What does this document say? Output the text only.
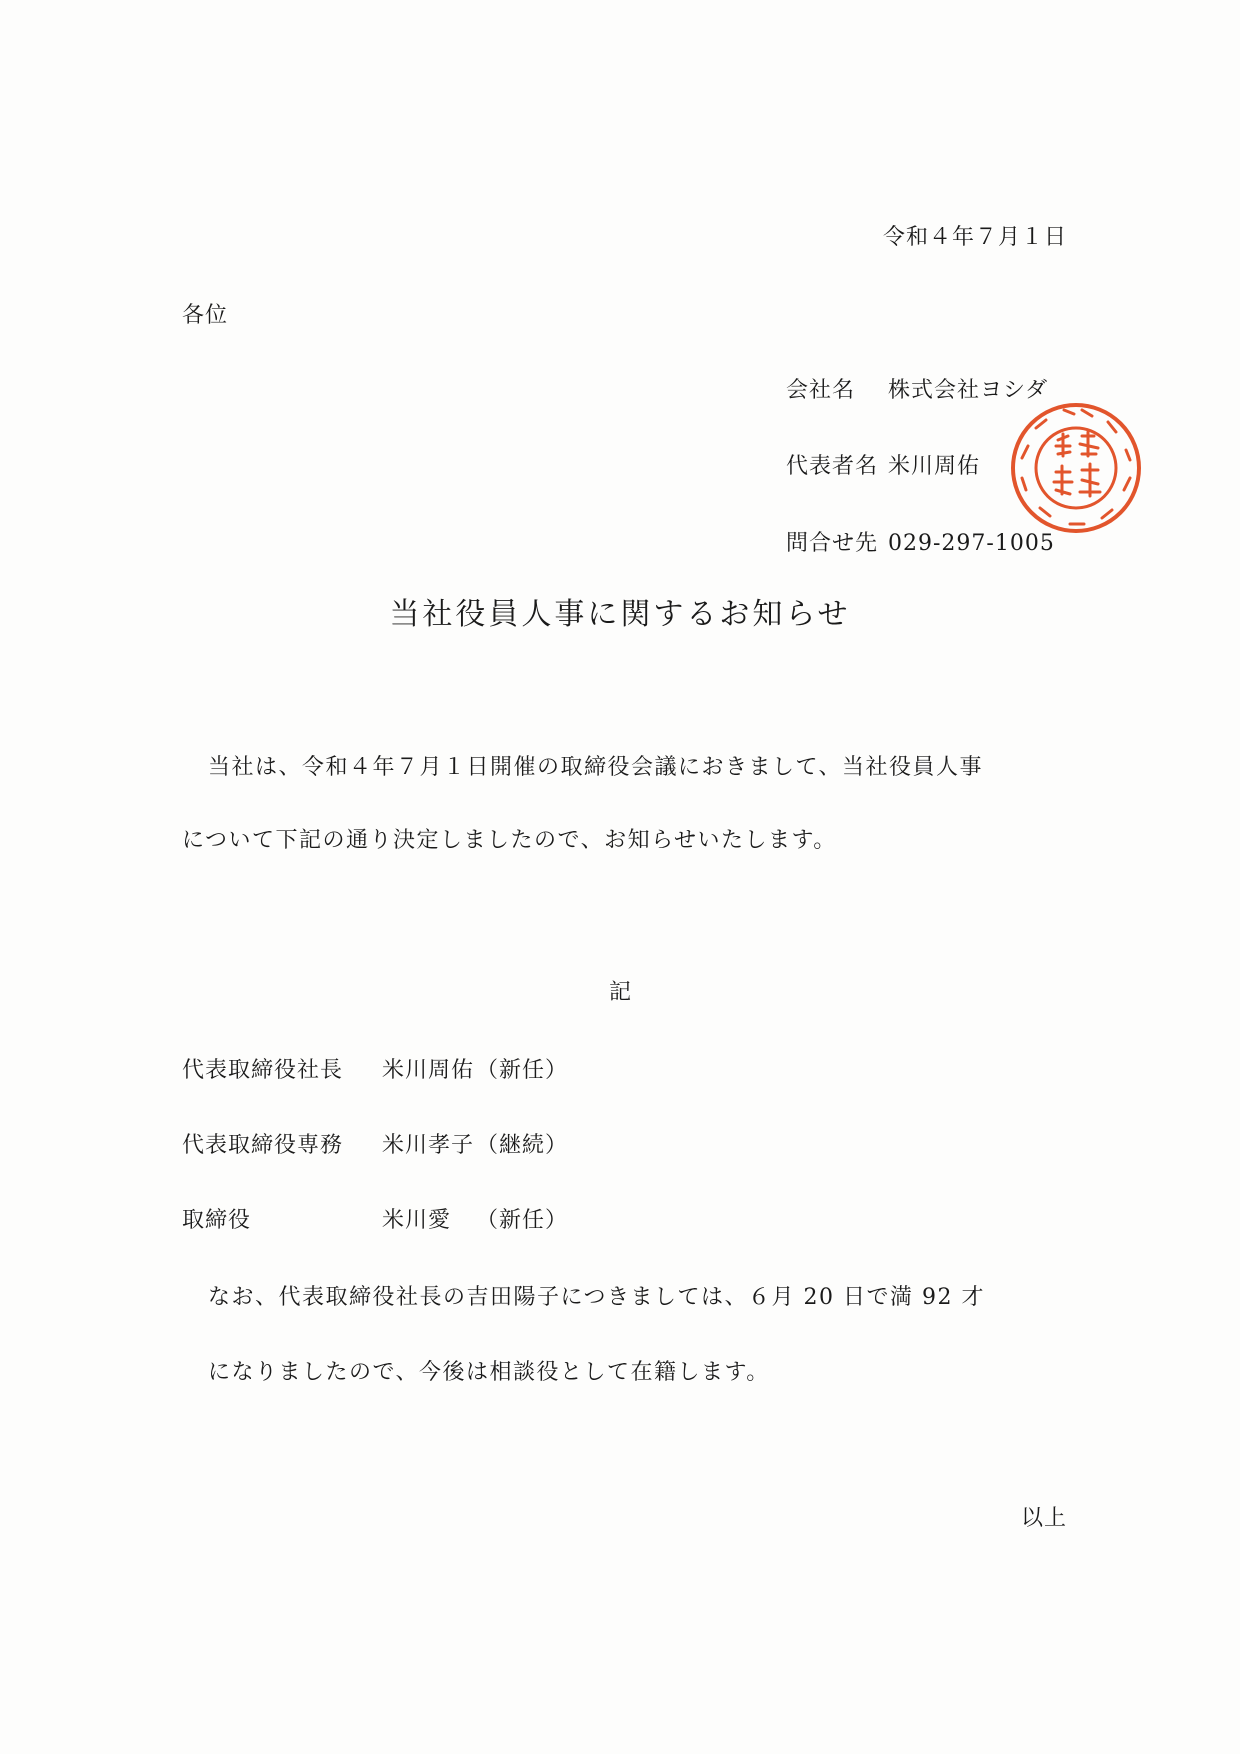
令和４年７月１日
各位
会社名	株式会社ヨシダ
代表者名 米川周佑
問合せ先 029-297-1005
当社役員人事に関するお知らせ
当社は、令和４年７月１日開催の取締役会議におきまして、当社役員人事
について下記の通り決定しましたので、お知らせいたします。
記
代表取締役社長	米川周佑 （新任）
代表取締役専務	米川孝子 （継続）
取締役	米川愛 （新任）
なお、代表取締役社長の吉田陽子につきましては、６月 20 日で満 92 才
になりましたので、今後は相談役として在籍します。
以上
